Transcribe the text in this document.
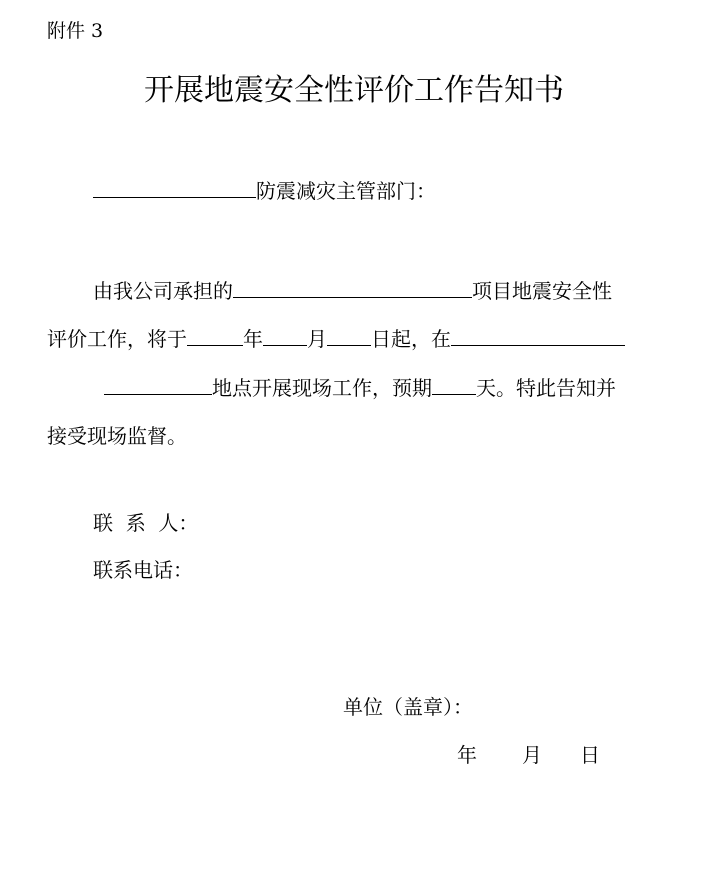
附件 3
开展地震安全性评价工作告知书
防震减灾主管部门：
由我公司承担的	项目地震安全性
评价工作，将于	年 月 日起，在
地点开展现场工作，预期 天。特此告知并
接受现场监督。
联  系  人：
联系电话：
单位（盖章）：
年 月 日
